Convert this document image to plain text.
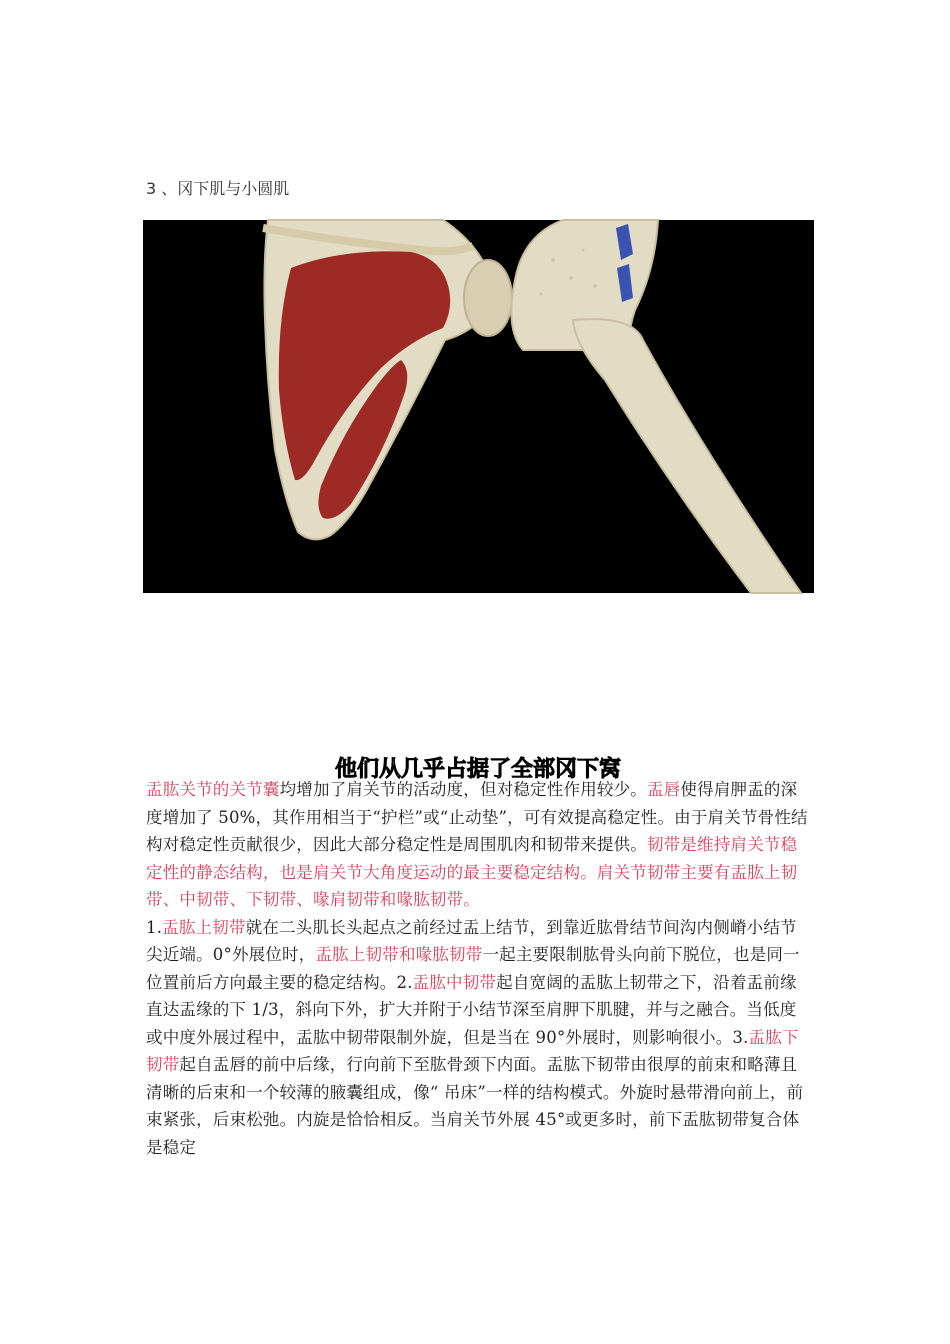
3 、冈下肌与小圆肌
他们从几乎占据了全部冈下窝

盂肱关节的关节囊均增加了肩关节的活动度，但对稳定性作用较少。盂唇使得肩胛盂的深度增加了 50%，其作用相当于“护栏”或“止动垫”，可有效提高稳定性。由于肩关节骨性结构对稳定性贡献很少，因此大部分稳定性是周围肌肉和韧带来提供。韧带是维持肩关节稳定性的静态结构，也是肩关节大角度运动的最主要稳定结构。肩关节韧带主要有盂肱上韧带、中韧带、下韧带、喙肩韧带和喙肱韧带。

1.盂肱上韧带就在二头肌长头起点之前经过盂上结节，到靠近肱骨结节间沟内侧嵴小结节尖近端。0°外展位时，盂肱上韧带和喙肱韧带一起主要限制肱骨头向前下脱位，也是同一位置前后方向最主要的稳定结构。2.盂肱中韧带起自宽阔的盂肱上韧带之下，沿着盂前缘直达盂缘的下 1/3，斜向下外，扩大并附于小结节深至肩胛下肌腱，并与之融合。当低度或中度外展过程中，盂肱中韧带限制外旋，但是当在 90°外展时，则影响很小。3.盂肱下韧带起自盂唇的前中后缘，行向前下至肱骨颈下内面。盂肱下韧带由很厚的前束和略薄且清晰的后束和一个较薄的腋囊组成，像“ 吊床”一样的结构模式。外旋时悬带滑向前上，前束紧张，后束松弛。内旋是恰恰相反。当肩关节外展 45°或更多时，前下盂肱韧带复合体是稳定
